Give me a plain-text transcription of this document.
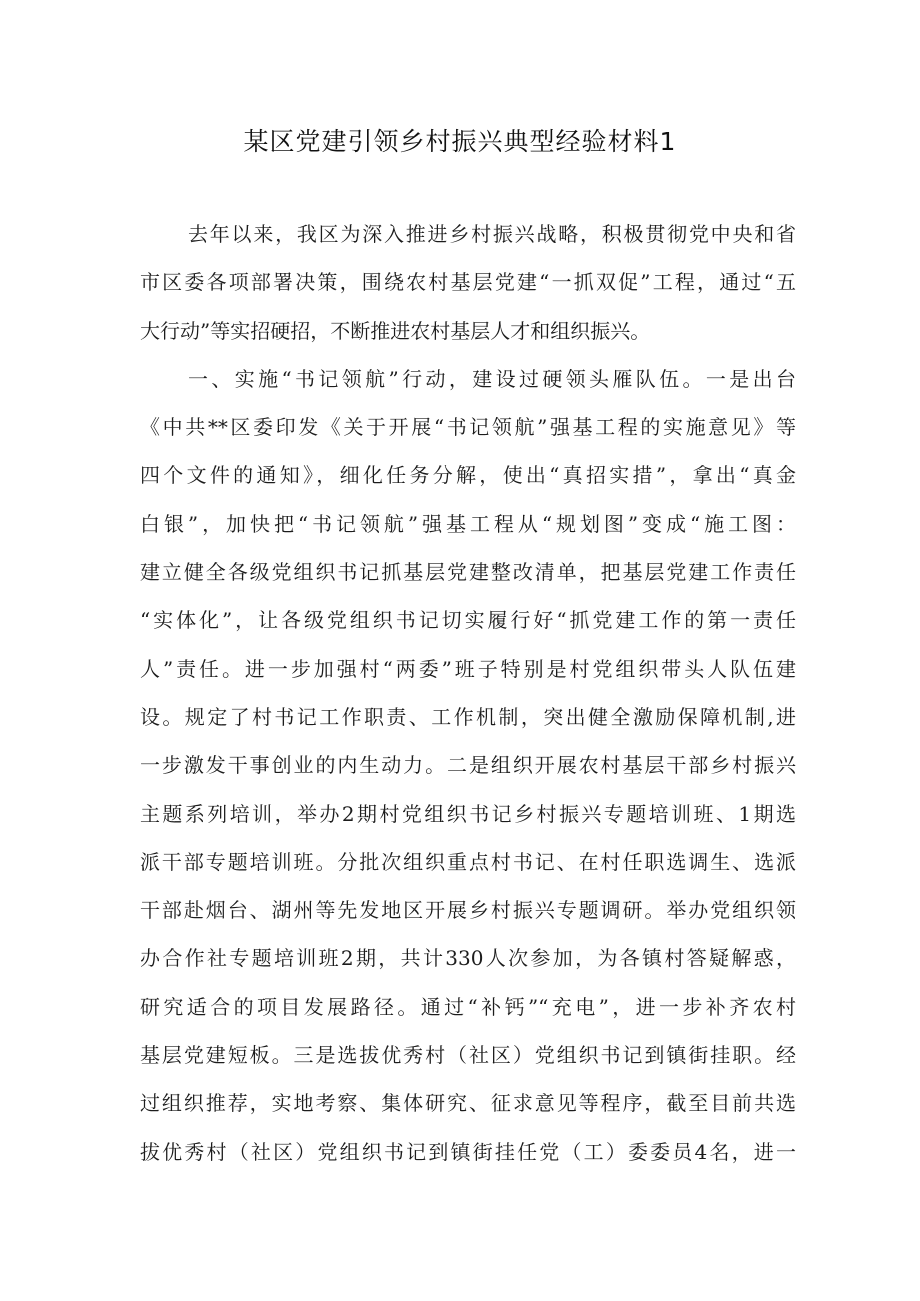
某区党建引领乡村振兴典型经验材料1
去年以来，我区为深入推进乡村振兴战略，积极贯彻党中央和省
市区委各项部署决策，围绕农村基层党建“一抓双促”工程，通过“五
大行动”等实招硬招，不断推进农村基层人才和组织振兴。
一、实施“书记领航”行动，建设过硬领头雁队伍。一是出台
《中共**区委印发《关于开展“书记领航”强基工程的实施意见》等
四个文件的通知》，细化任务分解，使出“真招实措”，拿出“真金
白银”，加快把“书记领航”强基工程从“规划图”变成“施工图：
建立健全各级党组织书记抓基层党建整改清单，把基层党建工作责任
“实体化”，让各级党组织书记切实履行好“抓党建工作的第一责任
人”责任。进一步加强村“两委”班子特别是村党组织带头人队伍建
设。规定了村书记工作职责、工作机制，突出健全激励保障机制,进
一步激发干事创业的内生动力。二是组织开展农村基层干部乡村振兴
主题系列培训，举办2期村党组织书记乡村振兴专题培训班、1期选
派干部专题培训班。分批次组织重点村书记、在村任职选调生、选派
干部赴烟台、湖州等先发地区开展乡村振兴专题调研。举办党组织领
办合作社专题培训班2期，共计330人次参加，为各镇村答疑解惑，
研究适合的项目发展路径。通过“补钙”“充电”，进一步补齐农村
基层党建短板。三是选拔优秀村（社区）党组织书记到镇街挂职。经
过组织推荐，实地考察、集体研究、征求意见等程序，截至目前共选
拔优秀村（社区）党组织书记到镇街挂任党（工）委委员4名，进一
